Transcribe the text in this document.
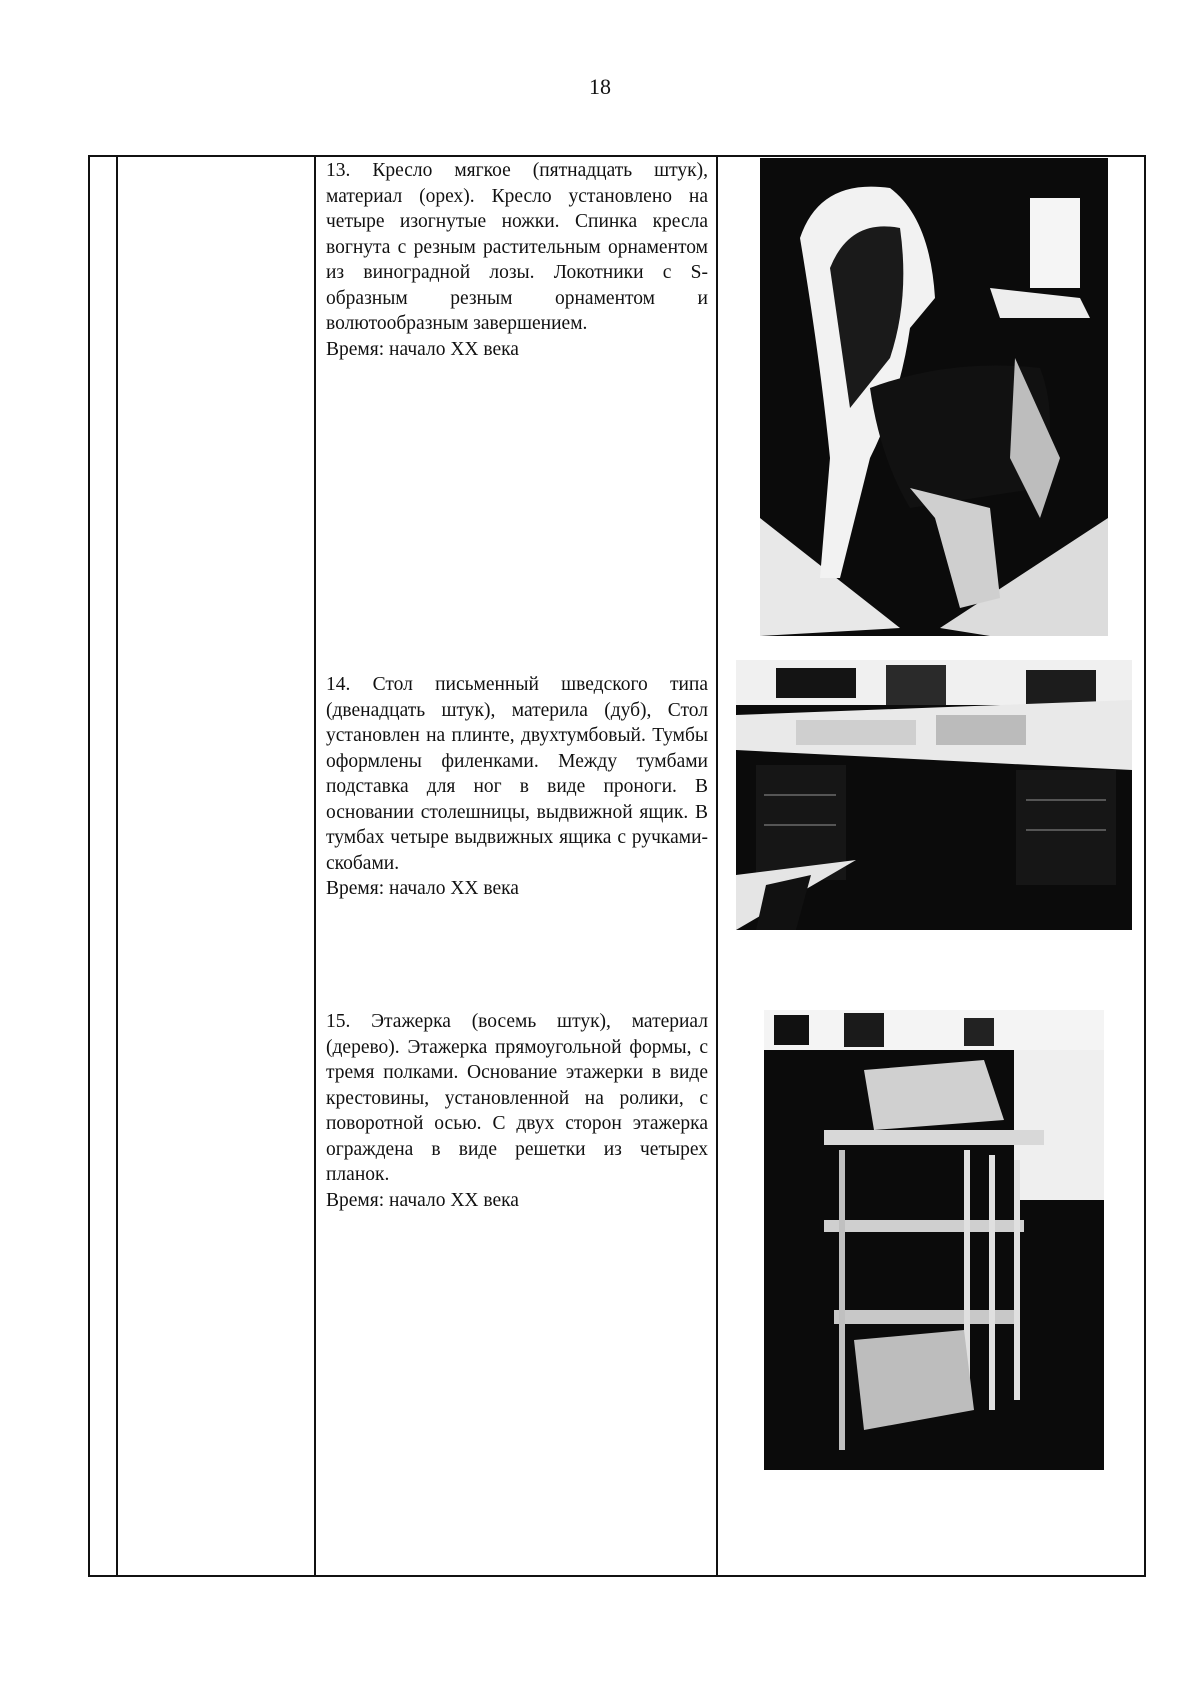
18

13. Кресло мягкое (пятнадцать штук), материал (орех). Кресло установлено на четыре изогнутые ножки. Спинка кресла вогнута с резным растительным орнаментом из виноградной лозы. Локотники с S-образным резным орнаментом и волютообразным завершением.

Время: начало XX века

14. Стол письменный шведского типа (двенадцать штук), материла (дуб), Стол установлен на плинте, двухтумбовый. Тумбы оформлены филенками. Между тумбами подставка для ног в виде проноги. В основании столешницы, выдвижной ящик. В тумбах четыре выдвижных ящика с ручками-скобами.

Время: начало XX века

15. Этажерка (восемь штук), материал (дерево). Этажерка прямоугольной формы, с тремя полками. Основание этажерки в виде крестовины, установленной на ролики, с поворотной осью. С двух сторон этажерка ограждена в виде решетки из четырех планок.

Время: начало XX века
